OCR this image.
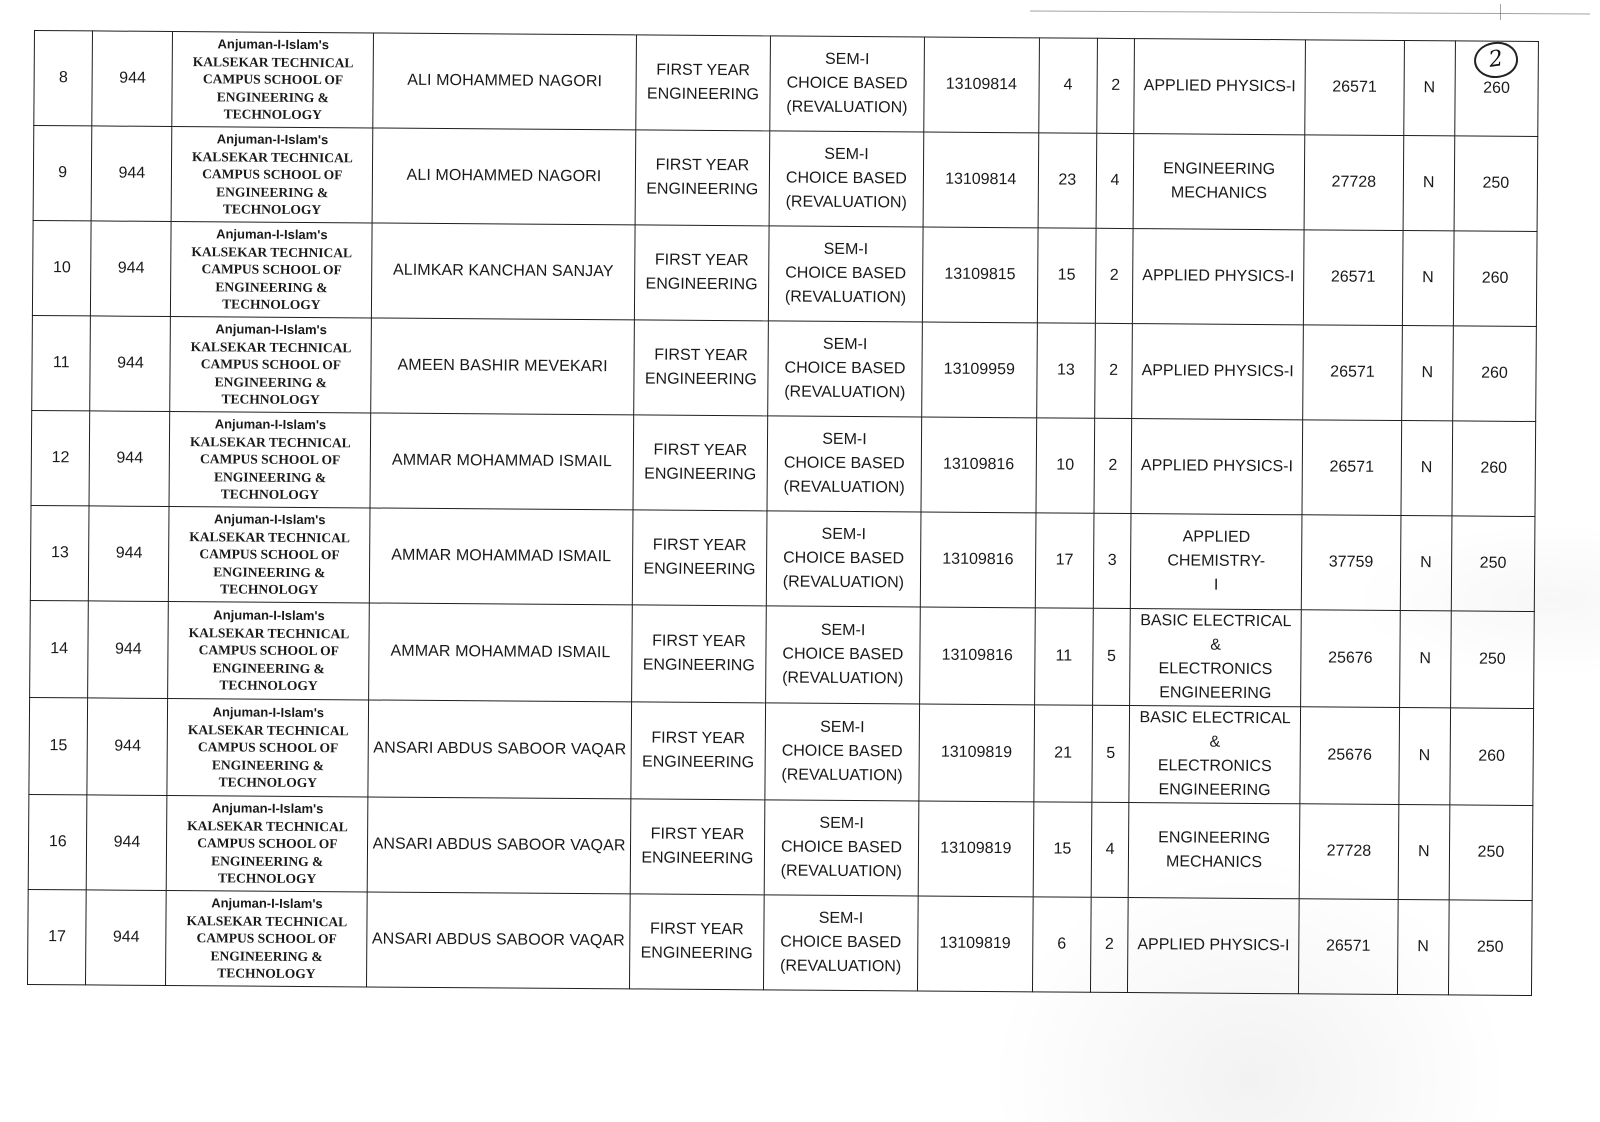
2
8	944	Anjuman-I-Islam's
KALSEKAR TECHNICAL
CAMPUS SCHOOL OF
ENGINEERING &
TECHNOLOGY	ALI MOHAMMED NAGORI	FIRST YEAR
ENGINEERING	SEM-I
CHOICE BASED
(REVALUATION)	13109814	4	2	APPLIED PHYSICS-I	26571	N	260
9	944	Anjuman-I-Islam's
KALSEKAR TECHNICAL
CAMPUS SCHOOL OF
ENGINEERING &
TECHNOLOGY	ALI MOHAMMED NAGORI	FIRST YEAR
ENGINEERING	SEM-I
CHOICE BASED
(REVALUATION)	13109814	23	4	ENGINEERING
MECHANICS	27728	N	250
10	944	Anjuman-I-Islam's
KALSEKAR TECHNICAL
CAMPUS SCHOOL OF
ENGINEERING &
TECHNOLOGY	ALIMKAR KANCHAN SANJAY	FIRST YEAR
ENGINEERING	SEM-I
CHOICE BASED
(REVALUATION)	13109815	15	2	APPLIED PHYSICS-I	26571	N	260
11	944	Anjuman-I-Islam's
KALSEKAR TECHNICAL
CAMPUS SCHOOL OF
ENGINEERING &
TECHNOLOGY	AMEEN BASHIR MEVEKARI	FIRST YEAR
ENGINEERING	SEM-I
CHOICE BASED
(REVALUATION)	13109959	13	2	APPLIED PHYSICS-I	26571	N	260
12	944	Anjuman-I-Islam's
KALSEKAR TECHNICAL
CAMPUS SCHOOL OF
ENGINEERING &
TECHNOLOGY	AMMAR MOHAMMAD ISMAIL	FIRST YEAR
ENGINEERING	SEM-I
CHOICE BASED
(REVALUATION)	13109816	10	2	APPLIED PHYSICS-I	26571	N	260
13	944	Anjuman-I-Islam's
KALSEKAR TECHNICAL
CAMPUS SCHOOL OF
ENGINEERING &
TECHNOLOGY	AMMAR MOHAMMAD ISMAIL	FIRST YEAR
ENGINEERING	SEM-I
CHOICE BASED
(REVALUATION)	13109816	17	3	APPLIED CHEMISTRY-
I	37759	N	250
14	944	Anjuman-I-Islam's
KALSEKAR TECHNICAL
CAMPUS SCHOOL OF
ENGINEERING &
TECHNOLOGY	AMMAR MOHAMMAD ISMAIL	FIRST YEAR
ENGINEERING	SEM-I
CHOICE BASED
(REVALUATION)	13109816	11	5	BASIC ELECTRICAL &
ELECTRONICS
ENGINEERING	25676	N	250
15	944	Anjuman-I-Islam's
KALSEKAR TECHNICAL
CAMPUS SCHOOL OF
ENGINEERING &
TECHNOLOGY	ANSARI ABDUS SABOOR VAQAR	FIRST YEAR
ENGINEERING	SEM-I
CHOICE BASED
(REVALUATION)	13109819	21	5	BASIC ELECTRICAL &
ELECTRONICS
ENGINEERING	25676	N	260
16	944	Anjuman-I-Islam's
KALSEKAR TECHNICAL
CAMPUS SCHOOL OF
ENGINEERING &
TECHNOLOGY	ANSARI ABDUS SABOOR VAQAR	FIRST YEAR
ENGINEERING	SEM-I
CHOICE BASED
(REVALUATION)	13109819	15	4	ENGINEERING
MECHANICS	27728	N	250
17	944	Anjuman-I-Islam's
KALSEKAR TECHNICAL
CAMPUS SCHOOL OF
ENGINEERING &
TECHNOLOGY	ANSARI ABDUS SABOOR VAQAR	FIRST YEAR
ENGINEERING	SEM-I
CHOICE BASED
(REVALUATION)	13109819	6	2	APPLIED PHYSICS-I	26571	N	250
